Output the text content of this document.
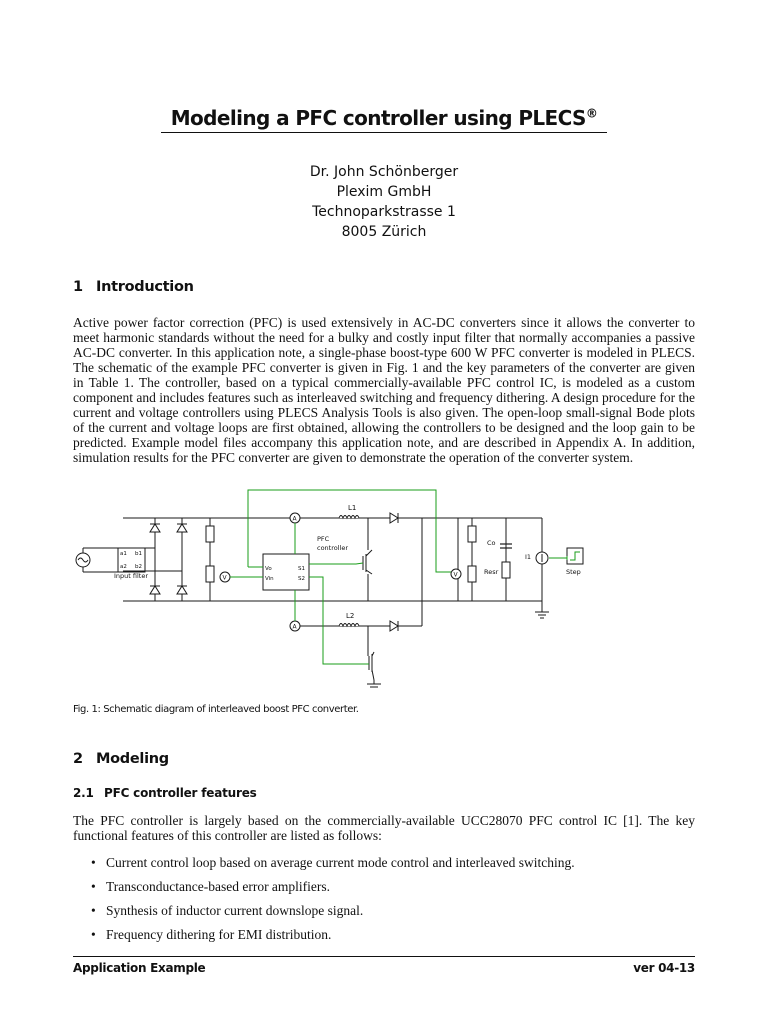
Modeling a PFC controller using PLECS®
Dr. John Schönberger
Plexim GmbH
Technoparkstrasse 1
8005 Zürich
1 Introduction
Active power factor correction (PFC) is used extensively in AC-DC converters since it allows the converter to meet harmonic standards without the need for a bulky and costly input filter that normally accompanies a passive AC-DC converter. In this application note, a single-phase boost-type 600 W PFC converter is modeled in PLECS. The schematic of the example PFC converter is given in Fig. 1 and the key parameters of the converter are given in Table 1. The controller, based on a typical commercially-available PFC control IC, is modeled as a custom component and includes features such as interleaved switching and frequency dithering. A design procedure for the current and voltage controllers using PLECS Analysis Tools is also given. The open-loop small-signal Bode plots of the current and voltage loops are first obtained, allowing the controllers to be designed and the loop gain to be predicted. Example model files accompany this application note, and are described in Appendix A. In addition, simulation results for the PFC converter are given to demonstrate the operation of the converter system.
L1
L2
PFC
controller
Co
Resr
I1
Step
Input filter
a1 b1
a2 b2	Vo
Vin
S1
S2
A
A
V	V
Fig. 1: Schematic diagram of interleaved boost PFC converter.
2 Modeling
2.1 PFC controller features
The PFC controller is largely based on the commercially-available UCC28070 PFC control IC [1]. The key functional features of this controller are listed as follows:
• Current control loop based on average current mode control and interleaved switching.
• Transconductance-based error amplifiers.
• Synthesis of inductor current downslope signal.
• Frequency dithering for EMI distribution.
Application Example	ver 04-13
